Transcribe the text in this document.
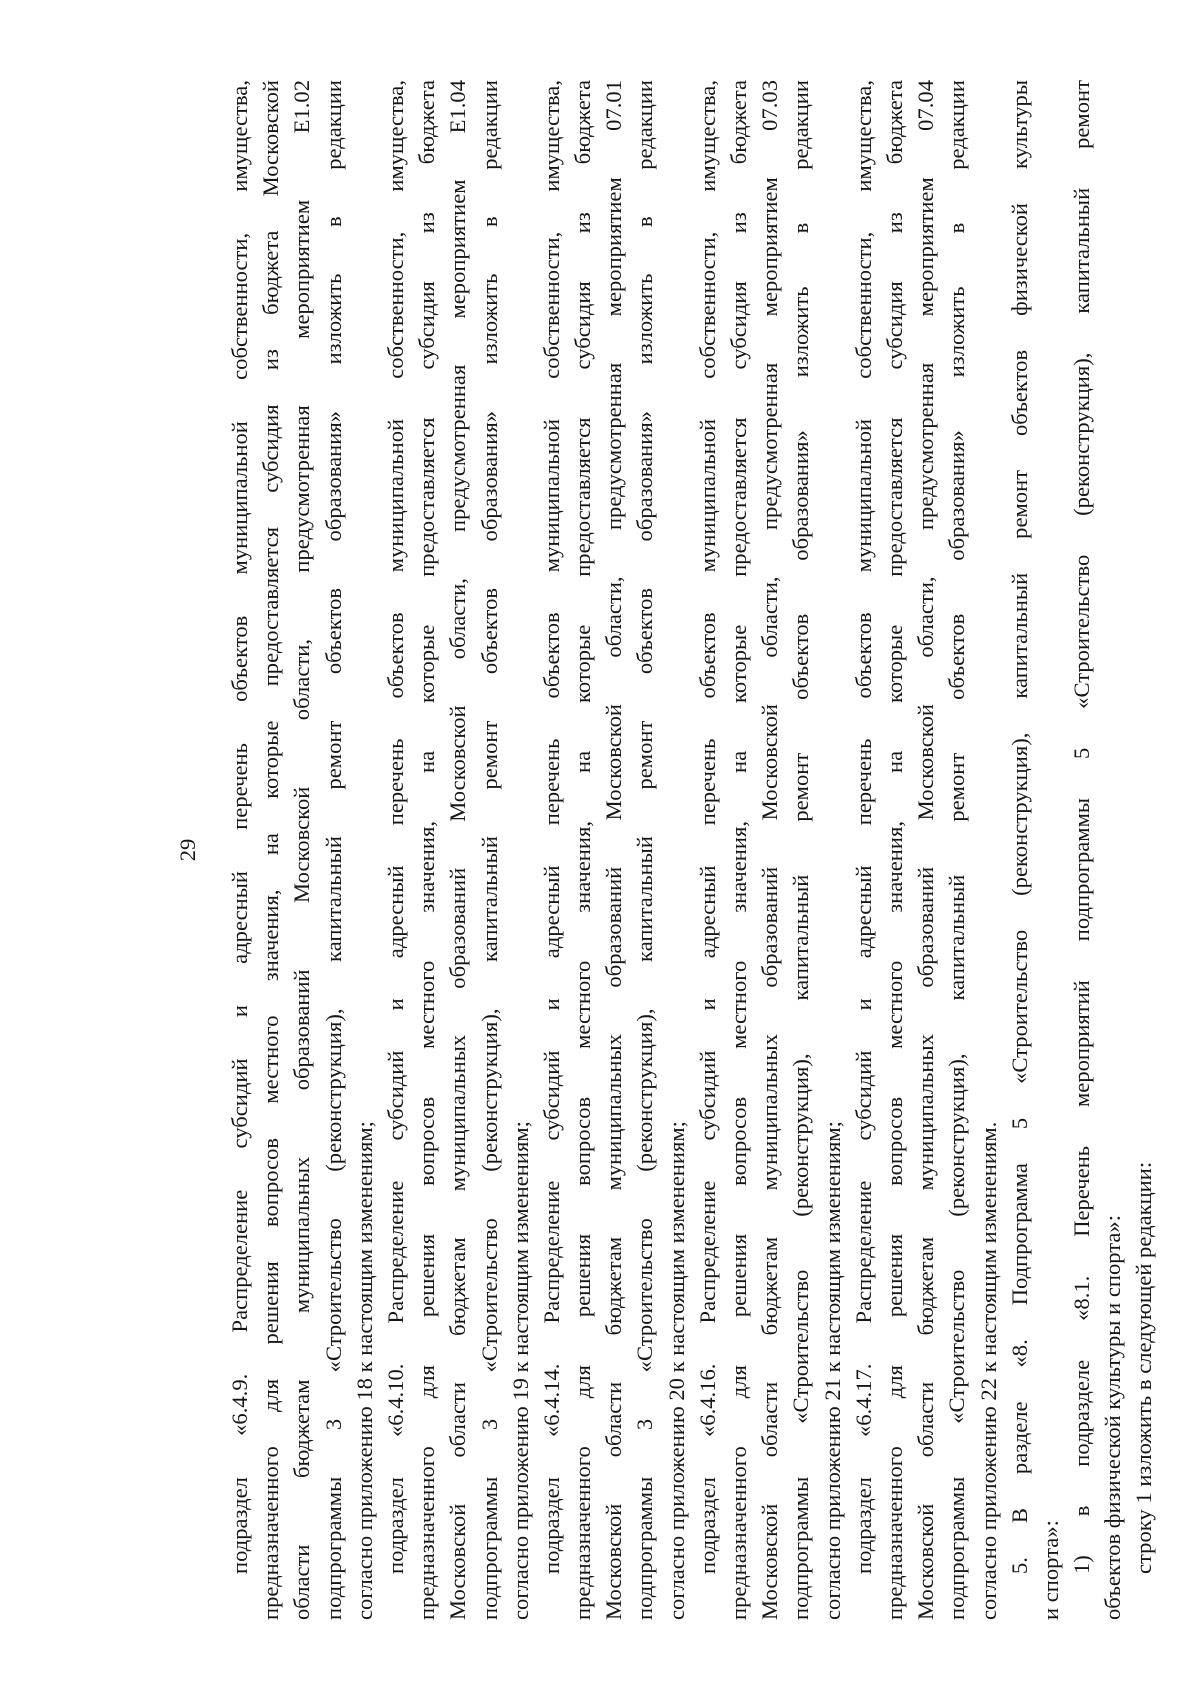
29 подраздел «6.4.9. Распределение субсидий и адресный перечень объектов муниципальной собственности, имущества, предназначенного для решения вопросов местного значения, на которые предоставляется субсидия из бюджета Московской области бюджетам муниципальных образований Московской области, предусмотренная мероприятием Е1.02 подпрограммы 3 «Строительство (реконструкция), капитальный ремонт объектов образования» изложить в редакции согласно приложению 18 к настоящим изменениям; подраздел «6.4.10. Распределение субсидий и адресный перечень объектов муниципальной собственности, имущества, предназначенного для решения вопросов местного значения, на которые предоставляется субсидия из бюджета Московской области бюджетам муниципальных образований Московской области, предусмотренная мероприятием Е1.04 подпрограммы 3 «Строительство (реконструкция), капитальный ремонт объектов образования» изложить в редакции согласно приложению 19 к настоящим изменениям; подраздел «6.4.14. Распределение субсидий и адресный перечень объектов муниципальной собственности, имущества, предназначенного для решения вопросов местного значения, на которые предоставляется субсидия из бюджета Московской области бюджетам муниципальных образований Московской области, предусмотренная мероприятием 07.01 подпрограммы 3 «Строительство (реконструкция), капитальный ремонт объектов образования» изложить в редакции согласно приложению 20 к настоящим изменениям; подраздел «6.4.16. Распределение субсидий и адресный перечень объектов муниципальной собственности, имущества, предназначенного для решения вопросов местного значения, на которые предоставляется субсидия из бюджета Московской области бюджетам муниципальных образований Московской области, предусмотренная мероприятием 07.03 подпрограммы «Строительство (реконструкция), капитальный ремонт объектов образования» изложить в редакции согласно приложению 21 к настоящим изменениям; подраздел «6.4.17. Распределение субсидий и адресный перечень объектов муниципальной собственности, имущества, предназначенного для решения вопросов местного значения, на которые предоставляется субсидия из бюджета Московской области бюджетам муниципальных образований Московской области, предусмотренная мероприятием 07.04 подпрограммы «Строительство (реконструкция), капитальный ремонт объектов образования» изложить в редакции согласно приложению 22 к настоящим изменениям. 5. В разделе «8. Подпрограмма 5 «Строительство (реконструкция), капитальный ремонт объектов физической культуры и спорта»: 1) в подразделе «8.1. Перечень мероприятий подпрограммы 5 «Строительство (реконструкция), капитальный ремонт объектов физической культуры и спорта»: строку 1 изложить в следующей редакции:
